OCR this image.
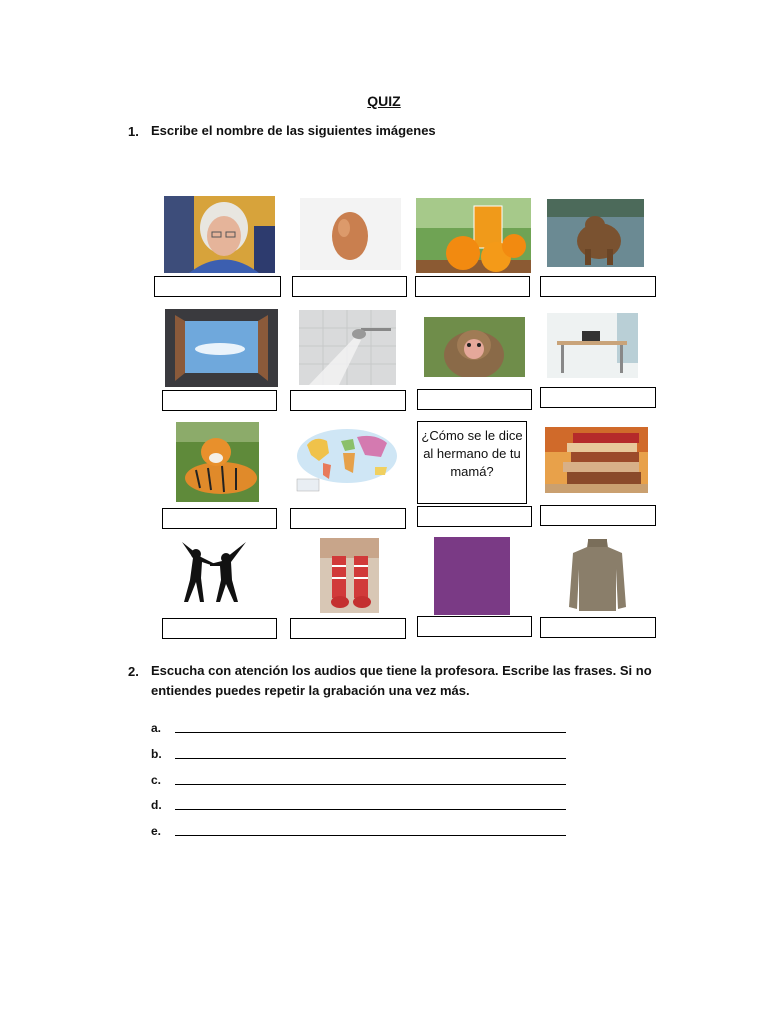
QUIZ
1. Escribe el nombre de las siguientes imágenes
¿Cómo se le dice al hermano de tu mamá?
2. Escucha con atención los audios que tiene la profesora. Escribe las frases. Si no
entiendes puedes repetir la grabación una vez más.
a.
b.
c.
d.
e.
